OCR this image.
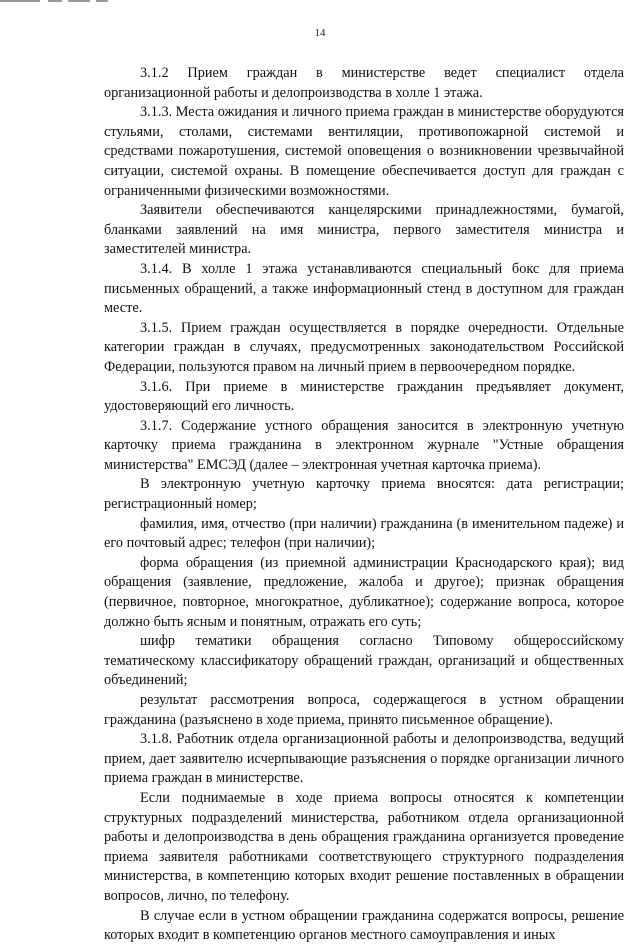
14

3.1.2 Прием граждан в министерстве ведет специалист отдела организационной работы и делопроизводства в холле 1 этажа.

3.1.3. Места ожидания и личного приема граждан в министерстве оборудуются стульями, столами, системами вентиляции, противопожарной системой и средствами пожаротушения, системой оповещения о возникновении чрезвычайной ситуации, системой охраны. В помещение обеспечивается доступ для граждан с ограниченными физическими возможностями.

Заявители обеспечиваются канцелярскими принадлежностями, бумагой, бланками заявлений на имя министра, первого заместителя министра и заместителей министра.

3.1.4. В холле 1 этажа устанавливаются специальный бокс для приема письменных обращений, а также информационный стенд в доступном для граждан месте.

3.1.5. Прием граждан осуществляется в порядке очередности. Отдельные категории граждан в случаях, предусмотренных законодательством Российской Федерации, пользуются правом на личный прием в первоочередном порядке.

3.1.6. При приеме в министерстве гражданин предъявляет документ, удостоверяющий его личность.

3.1.7. Содержание устного обращения заносится в электронную учетную карточку приема гражданина в электронном журнале "Устные обращения министерства" ЕМСЭД (далее – электронная учетная карточка приема).

В электронную учетную карточку приема вносятся: дата регистрации; регистрационный номер;

фамилия, имя, отчество (при наличии) гражданина (в именительном падеже) и его почтовый адрес; телефон (при наличии);

форма обращения (из приемной администрации Краснодарского края); вид обращения (заявление, предложение, жалоба и другое); признак обращения (первичное, повторное, многократное, дубликатное); содержание вопроса, которое должно быть ясным и понятным, отражать его суть;

шифр тематики обращения согласно Типовому общероссийскому тематическому классификатору обращений граждан, организаций и общественных объединений;

результат рассмотрения вопроса, содержащегося в устном обращении гражданина (разъяснено в ходе приема, принято письменное обращение).

3.1.8. Работник отдела организационной работы и делопроизводства, ведущий прием, дает заявителю исчерпывающие разъяснения о порядке организации личного приема граждан в министерстве.

Если поднимаемые в ходе приема вопросы относятся к компетенции структурных подразделений министерства, работником отдела организационной работы и делопроизводства в день обращения гражданина организуется проведение приема заявителя работниками соответствующего структурного подразделения министерства, в компетенцию которых входит решение поставленных в обращении вопросов, лично, по телефону.

В случае если в устном обращении гражданина содержатся вопросы, решение которых входит в компетенцию органов местного самоуправления и иных
